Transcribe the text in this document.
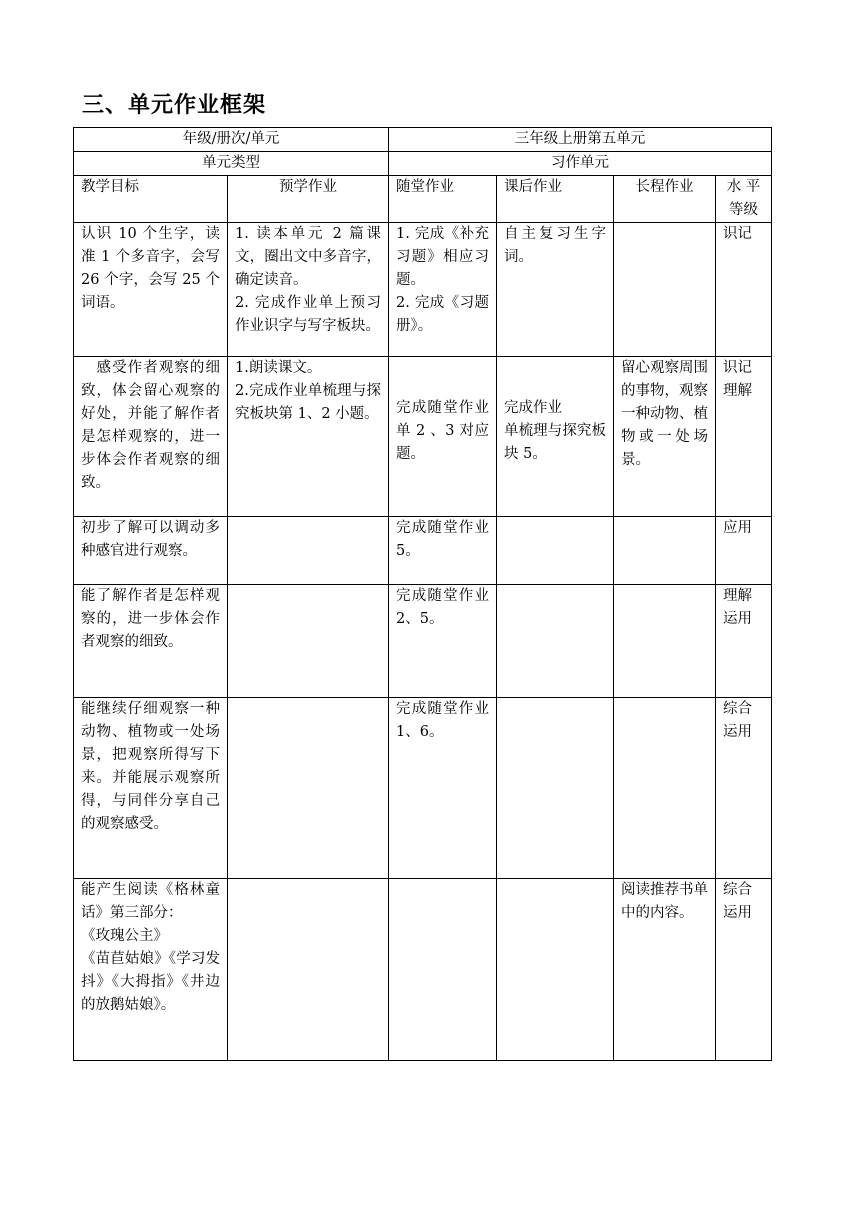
三、单元作业框架
年级/册次/单元		三年级上册第五单元			
单元类型		习作单元			
教学目标	预学作业	随堂作业	课后作业	长程作业	水 平
等级

认识 10 个生字，读准 1 个多音字，会写 26 个字，会写 25 个词语。	1. 读本单元 2 篇课文，圈出文中多音字，确定读音。
2. 完成作业单上预习作业识字与写字板块。	1. 完成《补充习题》相应习题。
2. 完成《习题册》。	自主复习生字词。		识记

　感受作者观察的细致，体会留心观察的好处，并能了解作者是怎样观察的，进一步体会作者观察的细致。	1.朗读课文。
2.完成作业单梳理与探究板块第 1、2 小题。	完成随堂作业单 2 、3 对应题。	完成作业
单梳理与探究板块 5。	留心观察周围的事物，观察一种动物、植物或一处场景。	识记
理解

初步了解可以调动多种感官进行观察。		完成随堂作业 5。			应用

能了解作者是怎样观察的，进一步体会作者观察的细致。		完成随堂作业 2、5。			理解
运用

能继续仔细观察一种动物、植物或一处场景，把观察所得写下来。并能展示观察所得，与同伴分享自己的观察感受。		完成随堂作业 1、6。			综合
运用

能产生阅读《格林童话》第三部分：
《玫瑰公主》
《苗苣姑娘》《学习发抖》《大拇指》《井边的放鹅姑娘》。				阅读推荐书单 中的内容。	综合
运用
